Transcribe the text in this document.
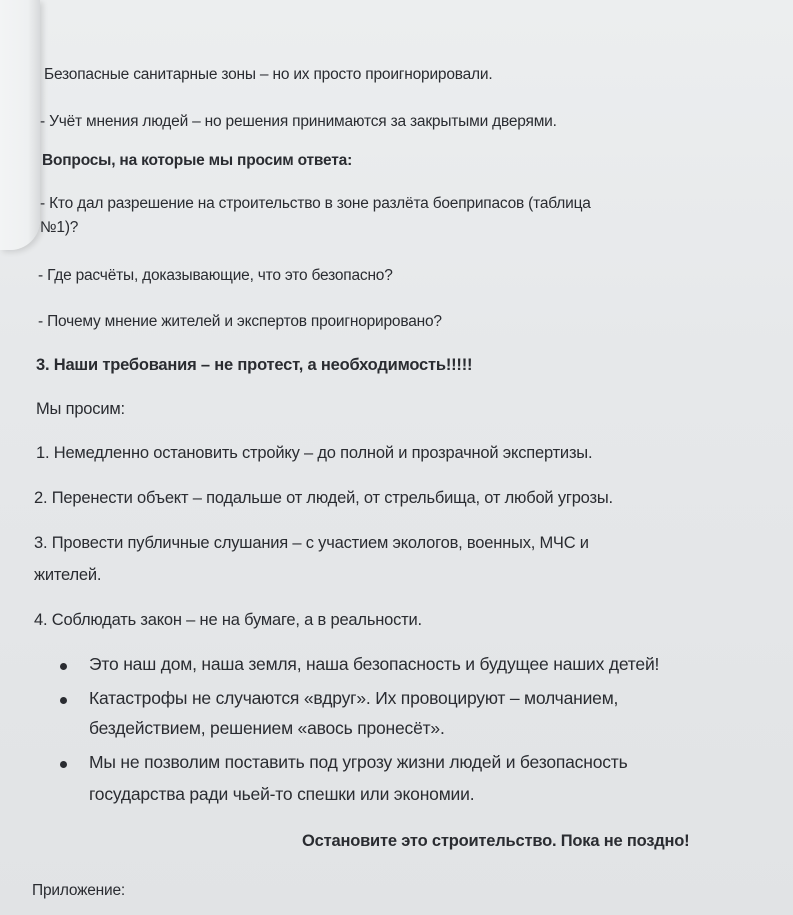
Безопасные санитарные зоны – но их просто проигнорировали.
- Учёт мнения людей – но решения принимаются за закрытыми дверями.
Вопросы, на которые мы просим ответа:
- Кто дал разрешение на строительство в зоне разлёта боеприпасов (таблица
№1)?
- Где расчёты, доказывающие, что это безопасно?
- Почему мнение жителей и экспертов проигнорировано?
3. Наши требования – не протест, а необходимость!!!!!
Мы просим:
1. Немедленно остановить стройку – до полной и прозрачной экспертизы.
2. Перенести объект – подальше от людей, от стрельбища, от любой угрозы.
3. Провести публичные слушания – с участием экологов, военных, МЧС и
жителей.
4. Соблюдать закон – не на бумаге, а в реальности.
Это наш дом, наша земля, наша безопасность и будущее наших детей!
Катастрофы не случаются «вдруг». Их провоцируют – молчанием,
бездействием, решением «авось пронесёт».
Мы не позволим поставить под угрозу жизни людей и безопасность
государства ради чьей-то спешки или экономии.
Остановите это строительство. Пока не поздно!
Приложение:
